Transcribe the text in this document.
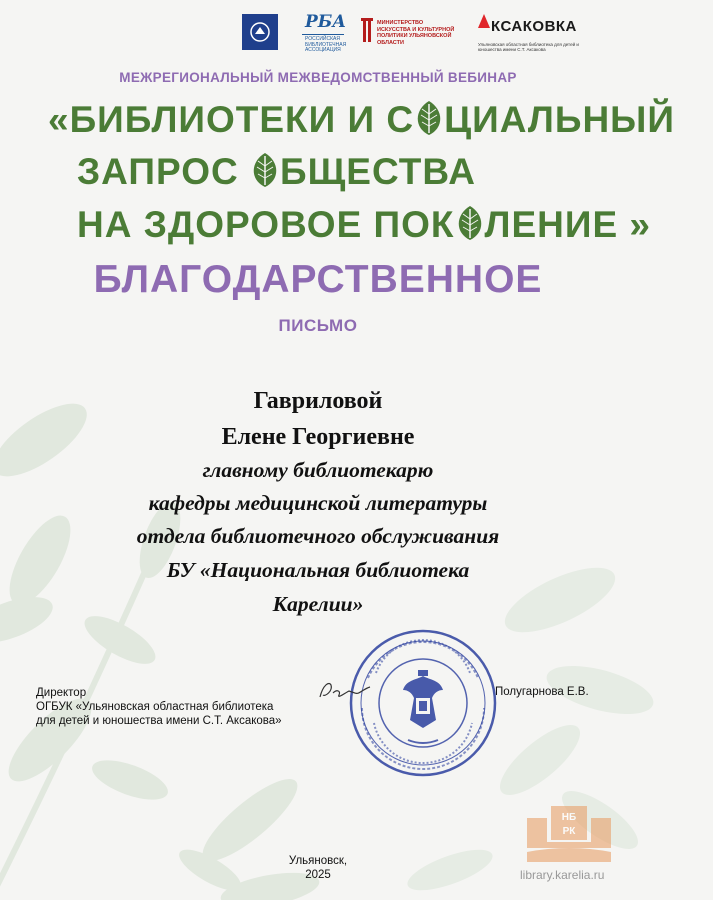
РБА
РОССИЙСКАЯ БИБЛИОТЕЧНАЯ АССОЦИАЦИЯ
МИНИСТЕРСТВО ИСКУССТВА И КУЛЬТУРНОЙ ПОЛИТИКИ УЛЬЯНОВСКОЙ ОБЛАСТИ
КСАКОВКА
Ульяновская областная библиотека для детей и юношества имени С.Т. Аксакова
МЕЖРЕГИОНАЛЬНЫЙ МЕЖВЕДОМСТВЕННЫЙ ВЕБИНАР
«БИБЛИОТЕКИ И С ЦИАЛЬНЫЙ
ЗАПРОС БЩЕСТВА
НА ЗДОРОВОЕ ПОК ЛЕНИЕ »
БЛАГОДАРСТВЕННОЕ
ПИСЬМО
Гавриловой
Елене Георгиевне
главному библиотекарю
кафедры медицинской литературы
отдела библиотечного обслуживания
БУ «Национальная библиотека
Карелии»
Директор
ОГБУК «Ульяновская областная библиотека
для детей и юношества имени С.Т. Аксакова»
Полугарнова Е.В.
Ульяновск,
2025
НБ
РК
library.karelia.ru
